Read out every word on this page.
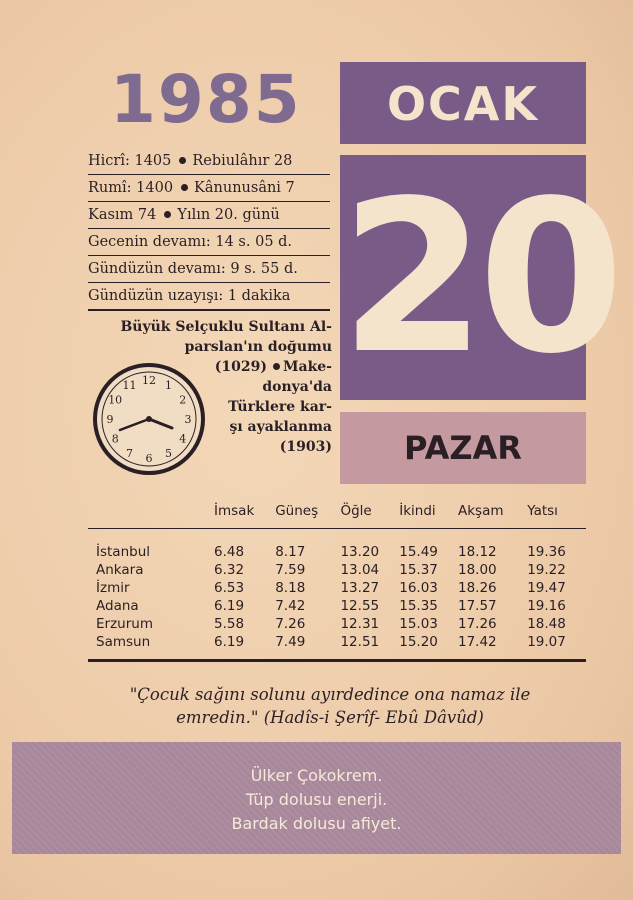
1985	OCAK
20
PAZAR
Hicrî: 1405 Rebiulâhır 28
Rumî: 1400 Kânunusâni 7
Kasım 74 Yılın 20. günü
Gecenin devamı: 14 s. 05 d.
Gündüzün devamı: 9 s. 55 d.
Gündüzün uzayışı: 1 dakika
Büyük Selçuklu Sultanı Al-
parslan'ın doğumu
(1029) Make-
donya'da
Türklere kar-
şı ayaklanma
(1903)
12 1
2
3
4
5
6
7
8
9
10
11
	İmsak	Güneş	Öğle	İkindi	Akşam	Yatsı
İstanbul	6.48	8.17	13.20	15.49	18.12	19.36
Ankara	6.32	7.59	13.04	15.37	18.00	19.22
İzmir	6.53	8.18	13.27	16.03	18.26	19.47
Adana	6.19	7.42	12.55	15.35	17.57	19.16
Erzurum	5.58	7.26	12.31	15.03	17.26	18.48
Samsun	6.19	7.49	12.51	15.20	17.42	19.07
"Çocuk sağını solunu ayırdedince ona namaz ile
emredin." (Hadîs-i Şerîf- Ebû Dâvûd)
Ülker Çokokrem.
Tüp dolusu enerji.
Bardak dolusu afiyet.
